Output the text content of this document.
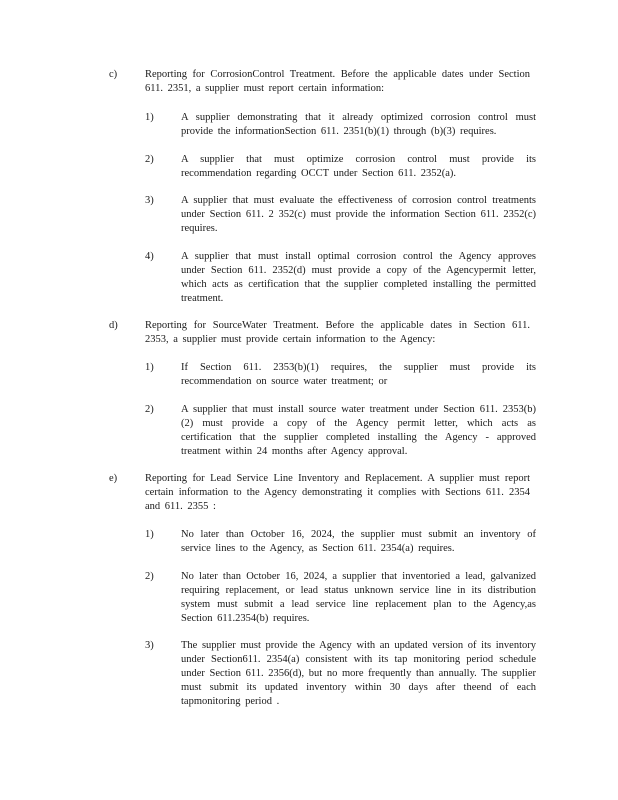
c)	Reporting for CorrosionControl Treatment. Before the applicable dates under Section 611. 2351, a supplier must report certain information:
1)	A supplier demonstrating that it already optimized corrosion control must provide the informationSection 611. 2351(b)(1) through (b)(3) requires.
2)	A supplier that must optimize corrosion control must provide its recommendation regarding OCCT under Section 611. 2352(a).
3)	A supplier that must evaluate the effectiveness of corrosion control treatments under Section 611. 2 352(c) must provide the information Section 611. 2352(c) requires.
4)	A supplier that must install optimal corrosion control the Agency approves under Section 611. 2352(d) must provide a copy of the Agencypermit letter, which acts as certification that the supplier completed installing the permitted treatment.
d)	Reporting for SourceWater Treatment. Before the applicable dates in Section 611. 2353, a supplier must provide certain information to the Agency:
1)	If Section 611. 2353(b)(1) requires, the supplier must provide its recommendation on source water treatment; or
2)	A supplier that must install source water treatment under Section 611. 2353(b)(2) must provide a copy of the Agency permit letter, which acts as certification that the supplier completed installing the Agency - approved treatment within 24 months after Agency approval.
e)	Reporting for Lead Service Line Inventory and Replacement. A supplier must report certain information to the Agency demonstrating it complies with Sections 611. 2354 and 611. 2355 :
1)	No later than October 16, 2024, the supplier must submit an inventory of service lines to the Agency, as Section 611. 2354(a) requires.
2)	No later than October 16, 2024, a supplier that inventoried a lead, galvanized requiring replacement, or lead status unknown service line in its distribution system must submit a lead service line replacement plan to the Agency,as Section 611.2354(b) requires.
3)	The supplier must provide the Agency with an updated version of its inventory under Section611. 2354(a) consistent with its tap monitoring period schedule under Section 611. 2356(d), but no more frequently than annually. The supplier must submit its updated inventory within 30 days after theend of each tapmonitoring period .
